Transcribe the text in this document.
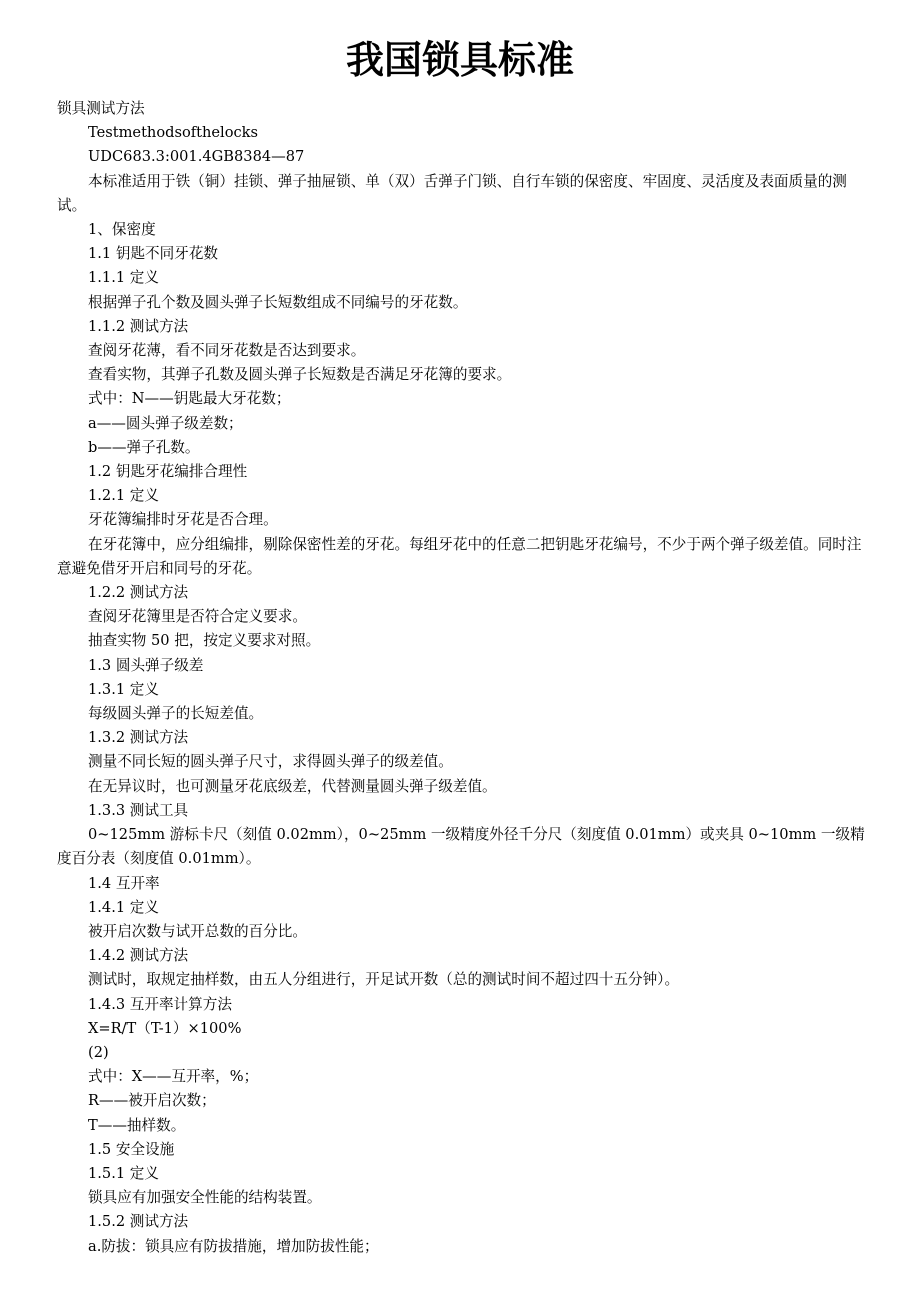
我国锁具标准

锁具测试方法

Testmethodsofthelocks

UDC683.3:001.4GB8384—87

本标准适用于铁（铜）挂锁、弹子抽屉锁、单（双）舌弹子门锁、自行车锁的保密度、牢固度、灵活度及表面质量的测试。

1、保密度

1.1 钥匙不同牙花数

1.1.1 定义

根据弹子孔个数及圆头弹子长短数组成不同编号的牙花数。

1.1.2 测试方法

查阅牙花薄，看不同牙花数是否达到要求。

查看实物，其弹子孔数及圆头弹子长短数是否满足牙花簿的要求。

式中：N——钥匙最大牙花数；

a——圆头弹子级差数；

b——弹子孔数。

1.2 钥匙牙花编排合理性

1.2.1 定义

牙花簿编排时牙花是否合理。

在牙花簿中，应分组编排，剔除保密性差的牙花。每组牙花中的任意二把钥匙牙花编号，不少于两个弹子级差值。同时注意避免借牙开启和同号的牙花。

1.2.2 测试方法

查阅牙花簿里是否符合定义要求。

抽查实物 50 把，按定义要求对照。

1.3 圆头弹子级差

1.3.1 定义

每级圆头弹子的长短差值。

1.3.2 测试方法

测量不同长短的圆头弹子尺寸，求得圆头弹子的级差值。

在无异议时，也可测量牙花底级差，代替测量圆头弹子级差值。

1.3.3 测试工具

0~125mm 游标卡尺（刻值 0.02mm），0~25mm 一级精度外径千分尺（刻度值 0.01mm）或夹具 0~10mm 一级精度百分表（刻度值 0.01mm）。

1.4 互开率

1.4.1 定义

被开启次数与试开总数的百分比。

1.4.2 测试方法

测试时，取规定抽样数，由五人分组进行，开足试开数（总的测试时间不超过四十五分钟）。

1.4.3 互开率计算方法

X=R/T（T-1）×100%

(2)

式中：X——互开率，%；

R——被开启次数；

T——抽样数。

1.5 安全设施

1.5.1 定义

锁具应有加强安全性能的结构装置。

1.5.2 测试方法

a.防拔：锁具应有防拔措施，增加防拔性能；
